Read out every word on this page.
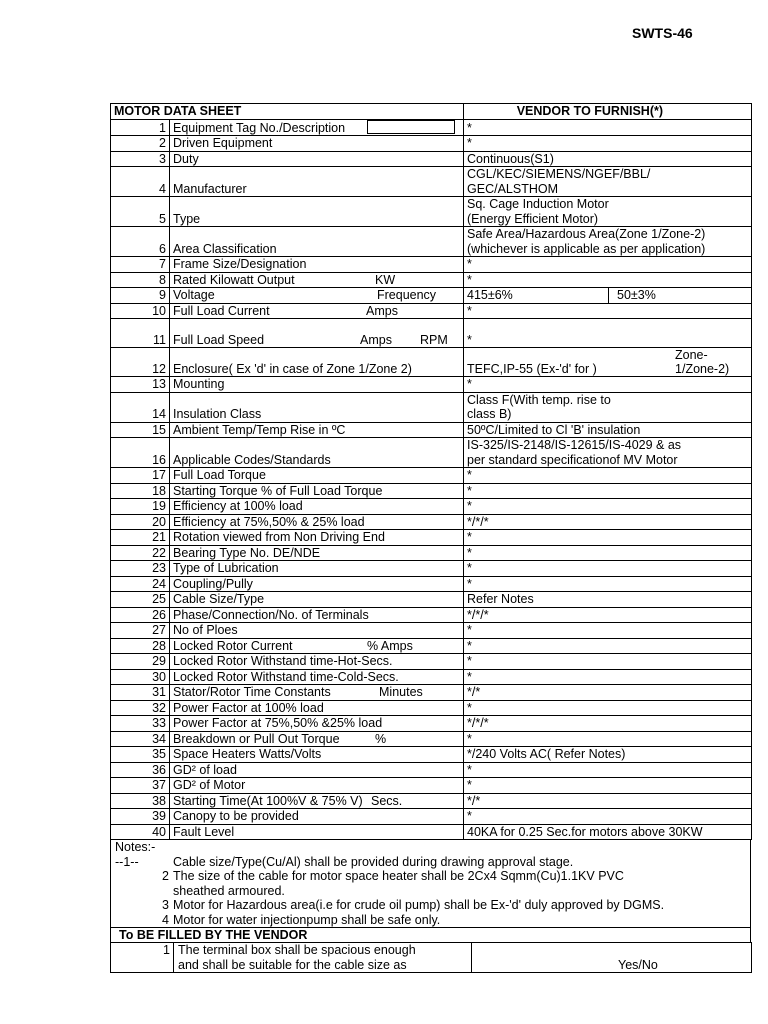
SWTS-46
MOTOR DATA SHEET		VENDOR TO FURNISH(*)	
1	Equipment Tag No./Description	*	
2	Driven Equipment	*	
3	Duty	Continuous(S1)	
4	Manufacturer	CGL/KEC/SIEMENS/NGEF/BBL/
GEC/ALSTHOM	

5	Type	Sq. Cage Induction Motor
(Energy Efficient Motor)	

6	Area Classification	Safe Area/Hazardous Area(Zone 1/Zone-2)
(whichever is applicable as per application)	

7	Frame Size/Designation	*	
8	Rated Kilowatt Output KW	*	
9	Voltage Frequency	415±6%	50±3%
10	Full Load Current Amps	*	
11	Full Load Speed Amps RPM	*	
12	Enclosure( Ex 'd' in case of Zone 1/Zone 2)	TEFC,IP-55 (Ex-'d' for )
Zone-
1/Zone-2)	

13	Mounting	*	
14	Insulation Class	Class F(With temp. rise to
class B)	

15	Ambient Temp/Temp Rise in ºC	50ºC/Limited to Cl 'B' insulation	
16	Applicable Codes/Standards	IS-325/IS-2148/IS-12615/IS-4029 & as
per standard specificationof MV Motor	

17	Full Load Torque	*	
18	Starting Torque % of Full Load Torque	*	
19	Efficiency at 100% load	*	
20	Efficiency at 75%,50% & 25% load	*/*/*	
21	Rotation viewed from Non Driving End	*	
22	Bearing Type No. DE/NDE	*	
23	Type of Lubrication	*	
24	Coupling/Pully	*	
25	Cable Size/Type	Refer Notes	
26	Phase/Connection/No. of Terminals	*/*/*	
27	No of Ploes	*	
28	Locked Rotor Current % Amps	*	
29	Locked Rotor Withstand time-Hot-Secs.	*	
30	Locked Rotor Withstand time-Cold-Secs.	*	
31	Stator/Rotor Time Constants Minutes	*/*	
32	Power Factor at 100% load	*	
33	Power Factor at 75%,50% &25% load	*/*/*	
34	Breakdown or Pull Out Torque %	*	
35	Space Heaters Watts/Volts	*/240 Volts AC( Refer Notes)	
36	GD² of load	*	
37	GD² of Motor	*	
38	Starting Time(At 100%V & 75% V) Secs.	*/*	
39	Canopy to be provided	*	
40	Fault Level	40KA for 0.25 Sec.for motors above 30KW	
Notes:-
--1--	Cable size/Type(Cu/Al) shall be provided during drawing approval stage.
2 The size of the cable for motor space heater shall be 2Cx4 Sqmm(Cu)1.1KV PVC
sheathed armoured.
3 Motor for Hazardous area(i.e for crude oil pump) shall be Ex-'d' duly approved by DGMS.
4 Motor for water injectionpump shall be safe only.
To BE FILLED BY THE VENDOR
1	The terminal box shall be spacious enough
and shall be suitable for the cable size as	Yes/No
